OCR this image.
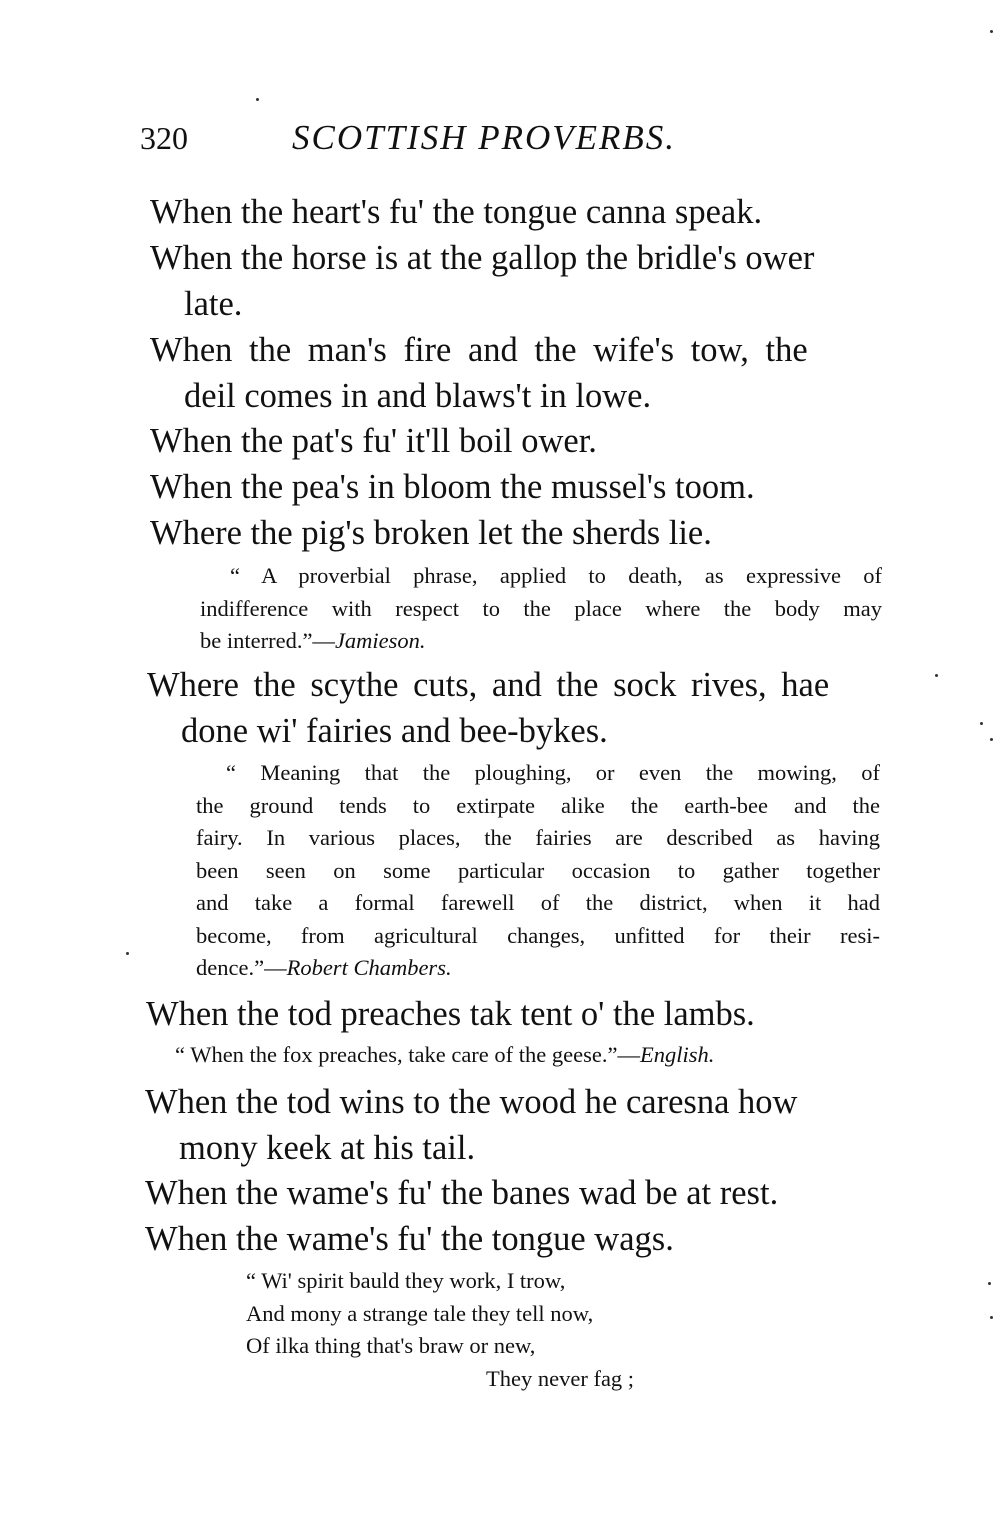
320	SCOTTISH PROVERBS.
When the heart's fu' the tongue canna speak.
When the horse is at the gallop the bridle's ower
late.
When the man's fire and the wife's tow, the
deil comes in and blaws't in lowe.
When the pat's fu' it'll boil ower.
When the pea's in bloom the mussel's toom.
Where the pig's broken let the sherds lie.
“ A proverbial phrase, applied to death, as expressive of
indifference with respect to the place where the body may
be interred.”—Jamieson.
Where the scythe cuts, and the sock rives, hae
done wi' fairies and bee-bykes.
“ Meaning that the ploughing, or even the mowing, of
the ground tends to extirpate alike the earth-bee and the
fairy. In various places, the fairies are described as having
been seen on some particular occasion to gather together
and take a formal farewell of the district, when it had
become, from agricultural changes, unfitted for their resi-
dence.”—Robert Chambers.
When the tod preaches tak tent o' the lambs.
“ When the fox preaches, take care of the geese.”—English.
When the tod wins to the wood he caresna how
mony keek at his tail.
When the wame's fu' the banes wad be at rest.
When the wame's fu' the tongue wags.
“ Wi' spirit bauld they work, I trow,
And mony a strange tale they tell now,
Of ilka thing that's braw or new,
They never fag ;
